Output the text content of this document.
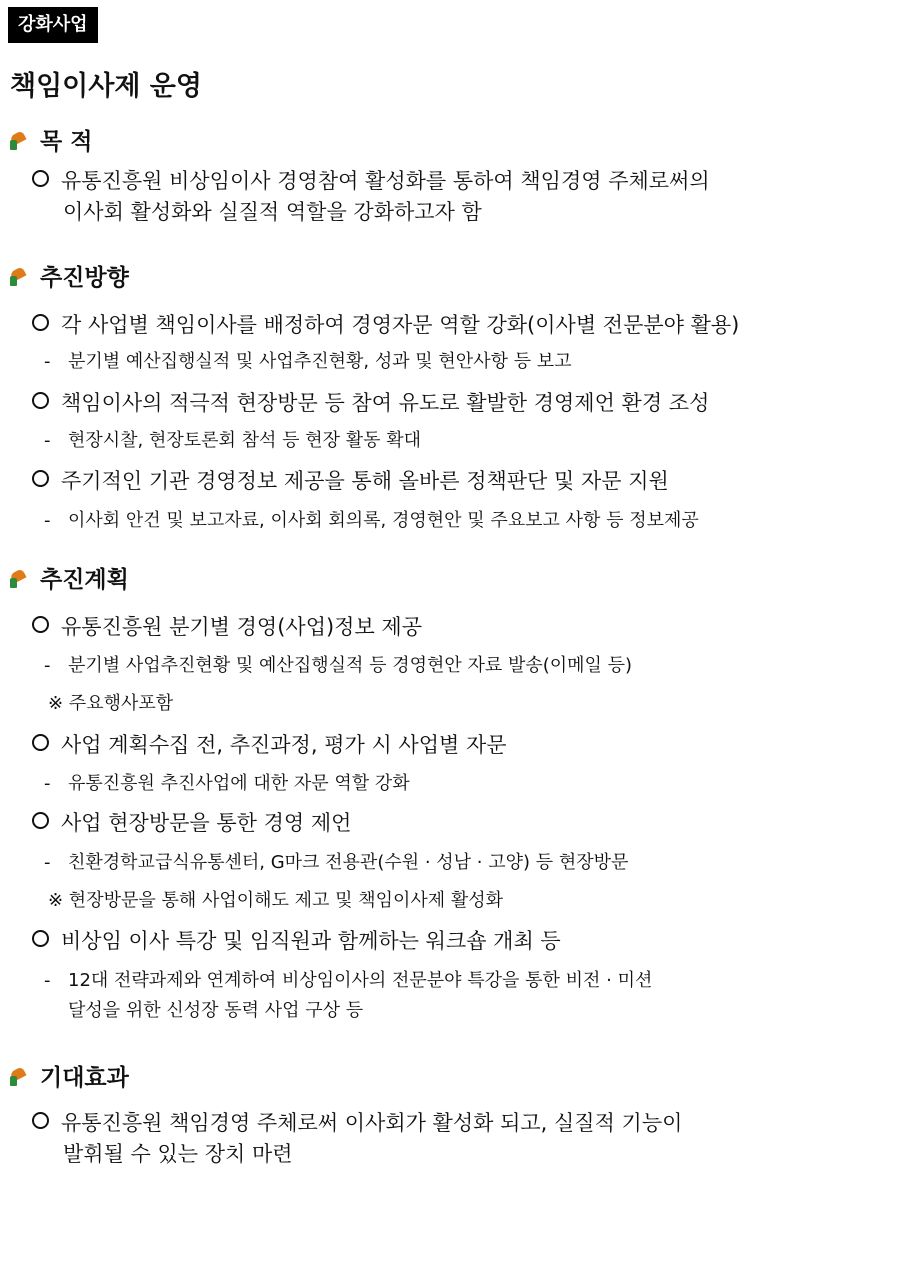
강화사업
책임이사제 운영
목 적
유통진흥원 비상임이사 경영참여 활성화를 통하여 책임경영 주체로써의
이사회 활성화와 실질적 역할을 강화하고자 함
추진방향
각 사업별 책임이사를 배정하여 경영자문 역할 강화(이사별 전문분야 활용)
- 분기별 예산집행실적 및 사업추진현황, 성과 및 현안사항 등 보고
책임이사의 적극적 현장방문 등 참여 유도로 활발한 경영제언 환경 조성
- 현장시찰, 현장토론회 참석 등 현장 활동 확대
주기적인 기관 경영정보 제공을 통해 올바른 정책판단 및 자문 지원
- 이사회 안건 및 보고자료, 이사회 회의록, 경영현안 및 주요보고 사항 등 정보제공
추진계획
유통진흥원 분기별 경영(사업)정보 제공
- 분기별 사업추진현황 및 예산집행실적 등 경영현안 자료 발송(이메일 등)
※ 주요행사포함
사업 계획수집 전, 추진과정, 평가 시 사업별 자문
- 유통진흥원 추진사업에 대한 자문 역할 강화
사업 현장방문을 통한 경영 제언
- 친환경학교급식유통센터, G마크 전용관(수원 · 성남 · 고양) 등 현장방문
※ 현장방문을 통해 사업이해도 제고 및 책임이사제 활성화
비상임 이사 특강 및 임직원과 함께하는 워크숍 개최 등
- 12대 전략과제와 연계하여 비상임이사의 전문분야 특강을 통한 비전 · 미션
달성을 위한 신성장 동력 사업 구상 등
기대효과
유통진흥원 책임경영 주체로써 이사회가 활성화 되고, 실질적 기능이
발휘될 수 있는 장치 마련
